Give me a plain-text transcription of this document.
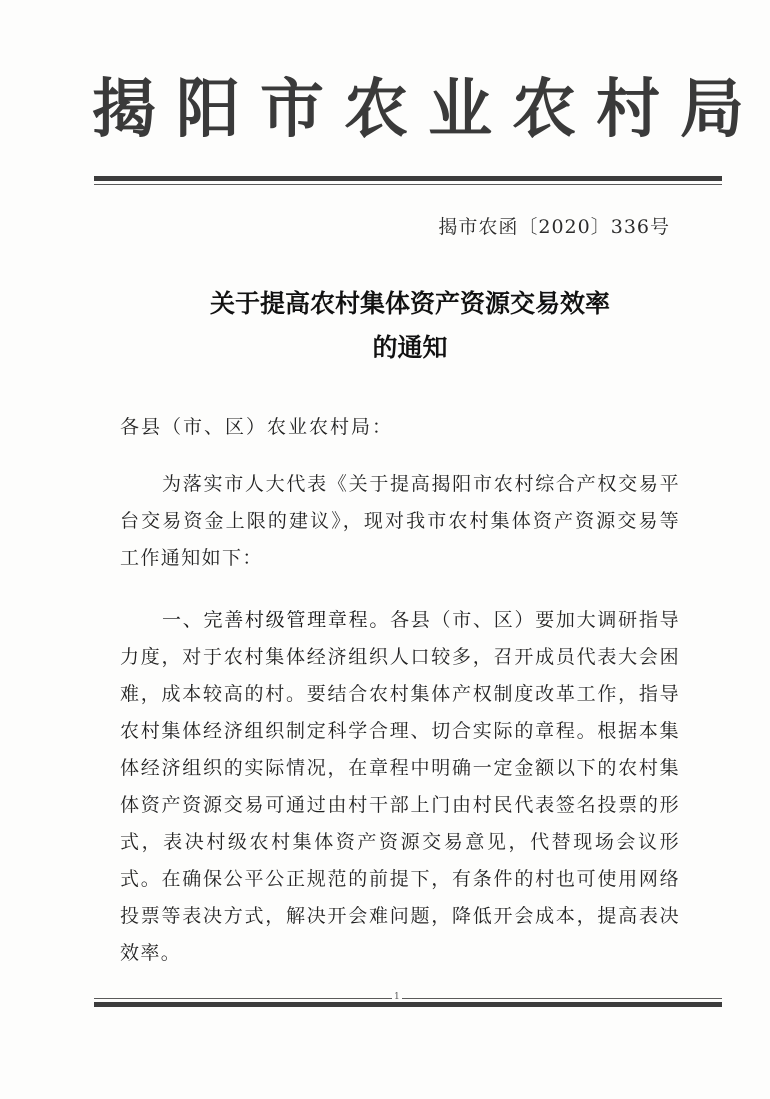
揭阳市农业农村局
揭市农函〔2020〕336号
关于提高农村集体资产资源交易效率
的通知
各县（市、区）农业农村局：
为落实市人大代表《关于提高揭阳市农村综合产权交易平台交易资金上限的建议》，现对我市农村集体资产资源交易等工作通知如下：
一、完善村级管理章程。各县（市、区）要加大调研指导力度，对于农村集体经济组织人口较多，召开成员代表大会困难，成本较高的村。要结合农村集体产权制度改革工作，指导农村集体经济组织制定科学合理、切合实际的章程。根据本集体经济组织的实际情况，在章程中明确一定金额以下的农村集体资产资源交易可通过由村干部上门由村民代表签名投票的形式，表决村级农村集体资产资源交易意见，代替现场会议形式。在确保公平公正规范的前提下，有条件的村也可使用网络投票等表决方式，解决开会难问题，降低开会成本，提高表决效率。
1
